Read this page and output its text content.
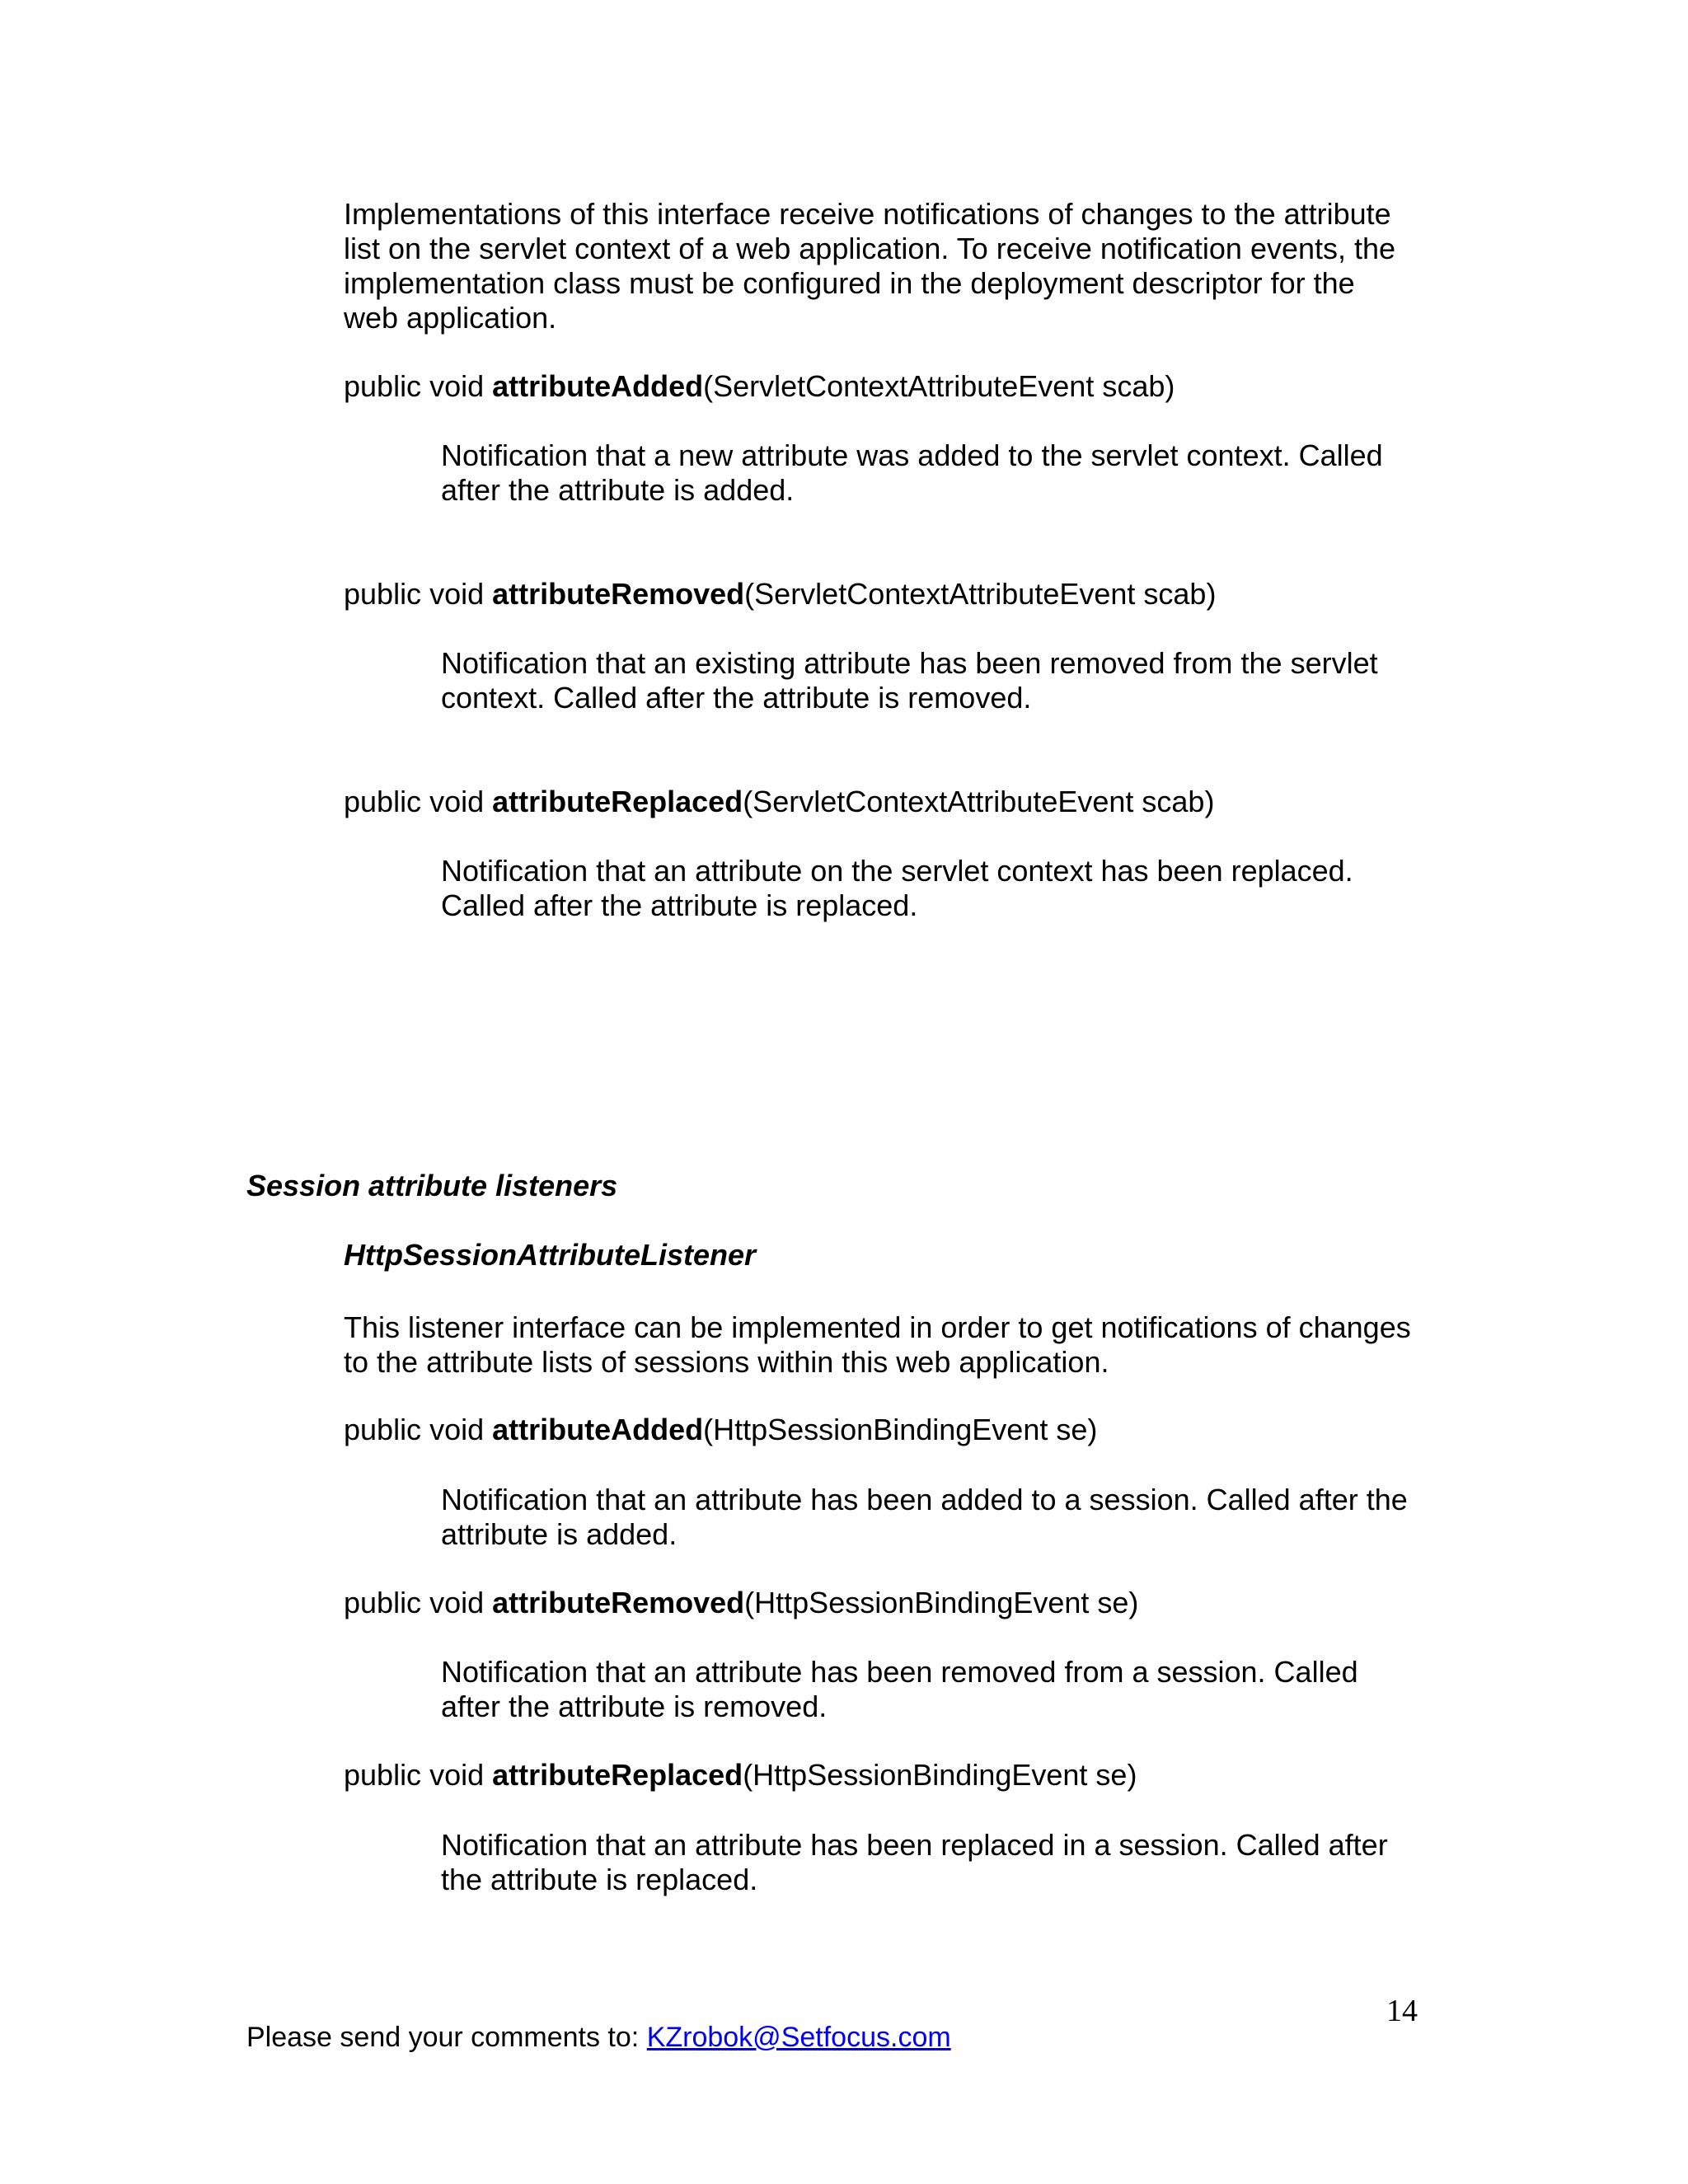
Implementations of this interface receive notifications of changes to the attribute
list on the servlet context of a web application. To receive notification events, the
implementation class must be configured in the deployment descriptor for the
web application.
public void attributeAdded(ServletContextAttributeEvent scab)
Notification that a new attribute was added to the servlet context. Called
after the attribute is added.
public void attributeRemoved(ServletContextAttributeEvent scab)
Notification that an existing attribute has been removed from the servlet
context. Called after the attribute is removed.
public void attributeReplaced(ServletContextAttributeEvent scab)
Notification that an attribute on the servlet context has been replaced.
Called after the attribute is replaced.
Session attribute listeners
HttpSessionAttributeListener
This listener interface can be implemented in order to get notifications of changes
to the attribute lists of sessions within this web application.
public void attributeAdded(HttpSessionBindingEvent se)
Notification that an attribute has been added to a session. Called after the
attribute is added.
public void attributeRemoved(HttpSessionBindingEvent se)
Notification that an attribute has been removed from a session. Called
after the attribute is removed.
public void attributeReplaced(HttpSessionBindingEvent se)
Notification that an attribute has been replaced in a session. Called after
the attribute is replaced.
14
Please send your comments to: KZrobok@Setfocus.com
